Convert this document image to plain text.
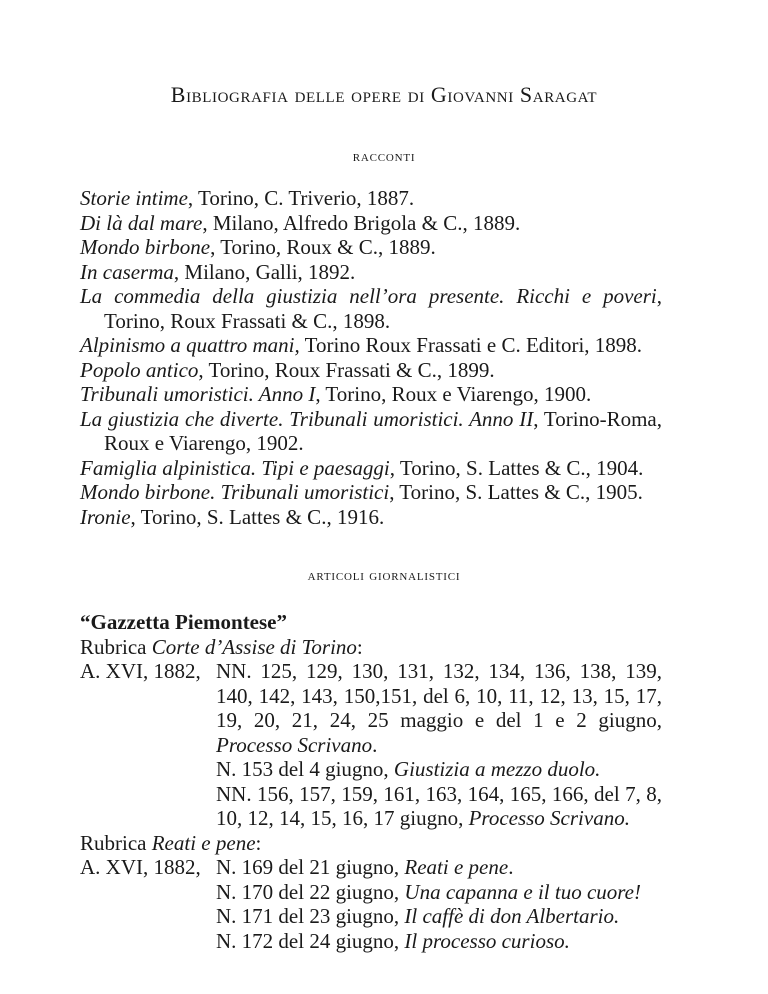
Bibliografia delle opere di Giovanni Saragat
racconti
Storie intime, Torino, C. Triverio, 1887.
Di là dal mare, Milano, Alfredo Brigola & C., 1889.
Mondo birbone, Torino, Roux & C., 1889.
In caserma, Milano, Galli, 1892.
La commedia della giustizia nell’ora presente. Ricchi e poveri, Torino, Roux Frassati & C., 1898.
Alpinismo a quattro mani, Torino Roux Frassati e C. Editori, 1898.
Popolo antico, Torino, Roux Frassati & C., 1899.
Tribunali umoristici. Anno I, Torino, Roux e Viarengo, 1900.
La giustizia che diverte. Tribunali umoristici. Anno II, Torino-Roma, Roux e Viarengo, 1902.
Famiglia alpinistica. Tipi e paesaggi, Torino, S. Lattes & C., 1904.
Mondo birbone. Tribunali umoristici, Torino, S. Lattes & C., 1905.
Ironie, Torino, S. Lattes & C., 1916.
articoli giornalistici
“Gazzetta Piemontese”
Rubrica Corte d’Assise di Torino:
A. XVI, 1882, NN. 125, 129, 130, 131, 132, 134, 136, 138, 139, 140, 142, 143, 150,151, del 6, 10, 11, 12, 13, 15, 17, 19, 20, 21, 24, 25 maggio e del 1 e 2 giugno, Processo Scrivano.
N. 153 del 4 giugno, Giustizia a mezzo duolo.
NN. 156, 157, 159, 161, 163, 164, 165, 166, del 7, 8, 10, 12, 14, 15, 16, 17 giugno, Processo Scrivano.
Rubrica Reati e pene:
A. XVI, 1882, N. 169 del 21 giugno, Reati e pene.
N. 170 del 22 giugno, Una capanna e il tuo cuore!
N. 171 del 23 giugno, Il caffè di don Albertario.
N. 172 del 24 giugno, Il processo curioso.
